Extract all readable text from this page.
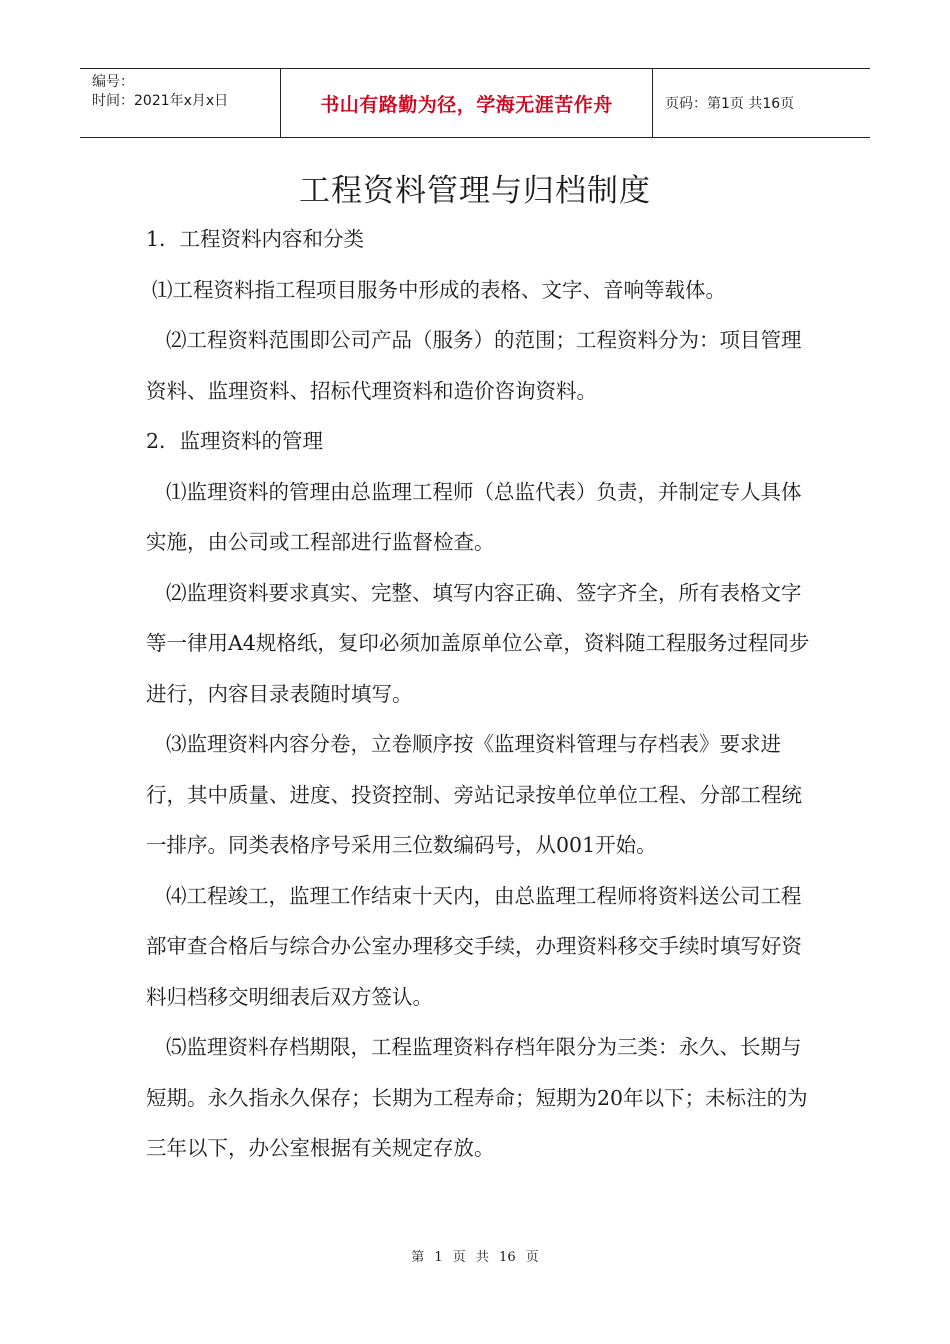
编号：
时间：2021年x月x日	书山有路勤为径，学海无涯苦作舟	页码：第1页 共16页
工程资料管理与归档制度

1．工程资料内容和分类

⑴工程资料指工程项目服务中形成的表格、文字、音响等载体。

⑵工程资料范围即公司产品（服务）的范围；工程资料分为：项目管理资料、监理资料、招标代理资料和造价咨询资料。

2．监理资料的管理

⑴监理资料的管理由总监理工程师（总监代表）负责，并制定专人具体实施，由公司或工程部进行监督检查。

⑵监理资料要求真实、完整、填写内容正确、签字齐全，所有表格文字等一律用A4规格纸，复印必须加盖原单位公章，资料随工程服务过程同步进行，内容目录表随时填写。

⑶监理资料内容分卷，立卷顺序按《监理资料管理与存档表》要求进行，其中质量、进度、投资控制、旁站记录按单位单位工程、分部工程统一排序。同类表格序号采用三位数编码号，从001开始。

⑷工程竣工，监理工作结束十天内，由总监理工程师将资料送公司工程部审查合格后与综合办公室办理移交手续，办理资料移交手续时填写好资料归档移交明细表后双方签认。

⑸监理资料存档期限，工程监理资料存档年限分为三类：永久、长期与短期。永久指永久保存；长期为工程寿命；短期为20年以下；未标注的为三年以下，办公室根据有关规定存放。

第 1 页 共 16 页
